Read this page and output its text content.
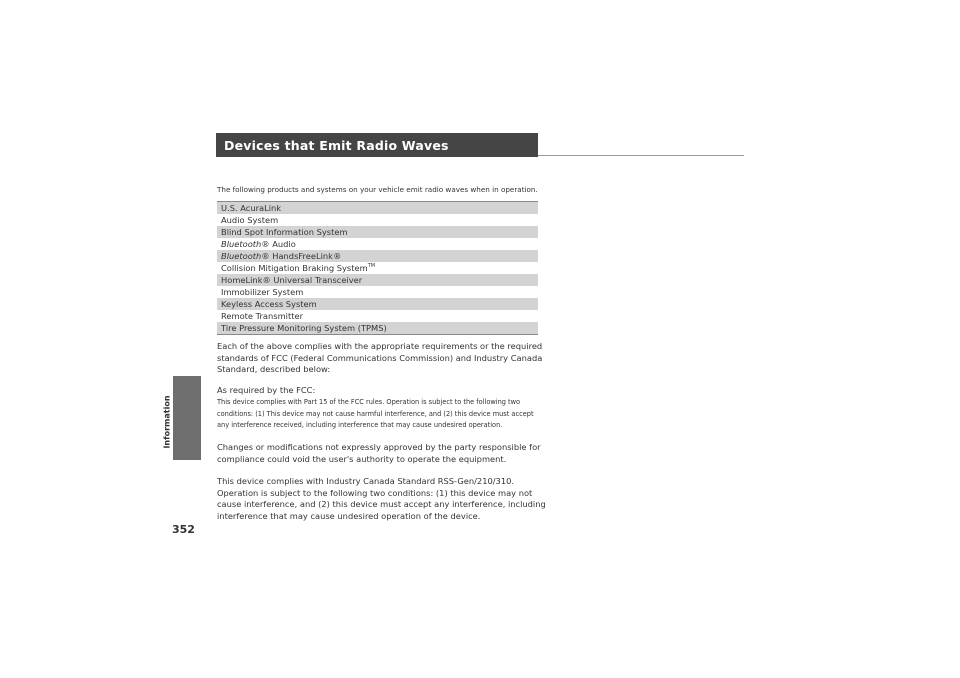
352
Information
Devices that Emit Radio Waves
The following products and systems on your vehicle emit radio waves when in operation.
U.S. AcuraLink
Audio System
Blind Spot Information System
Bluetooth® Audio
Bluetooth® HandsFreeLink®
Collision Mitigation Braking System™
HomeLink® Universal Transceiver
Immobilizer System
Keyless Access System
Remote Transmitter
Tire Pressure Monitoring System (TPMS)
Each of the above complies with the appropriate requirements or the required standards of FCC (Federal Communications Commission) and Industry Canada Standard, described below:
As required by the FCC:
This device complies with Part 15 of the FCC rules. Operation is subject to the following two conditions: (1) This device may not cause harmful interference, and (2) this device must accept any interference received, including interference that may cause undesired operation.
Changes or modifications not expressly approved by the party responsible for compliance could void the user's authority to operate the equipment.
This device complies with Industry Canada Standard RSS-Gen/210/310. Operation is subject to the following two conditions: (1) this device may not cause interference, and (2) this device must accept any interference, including interference that may cause undesired operation of the device.
